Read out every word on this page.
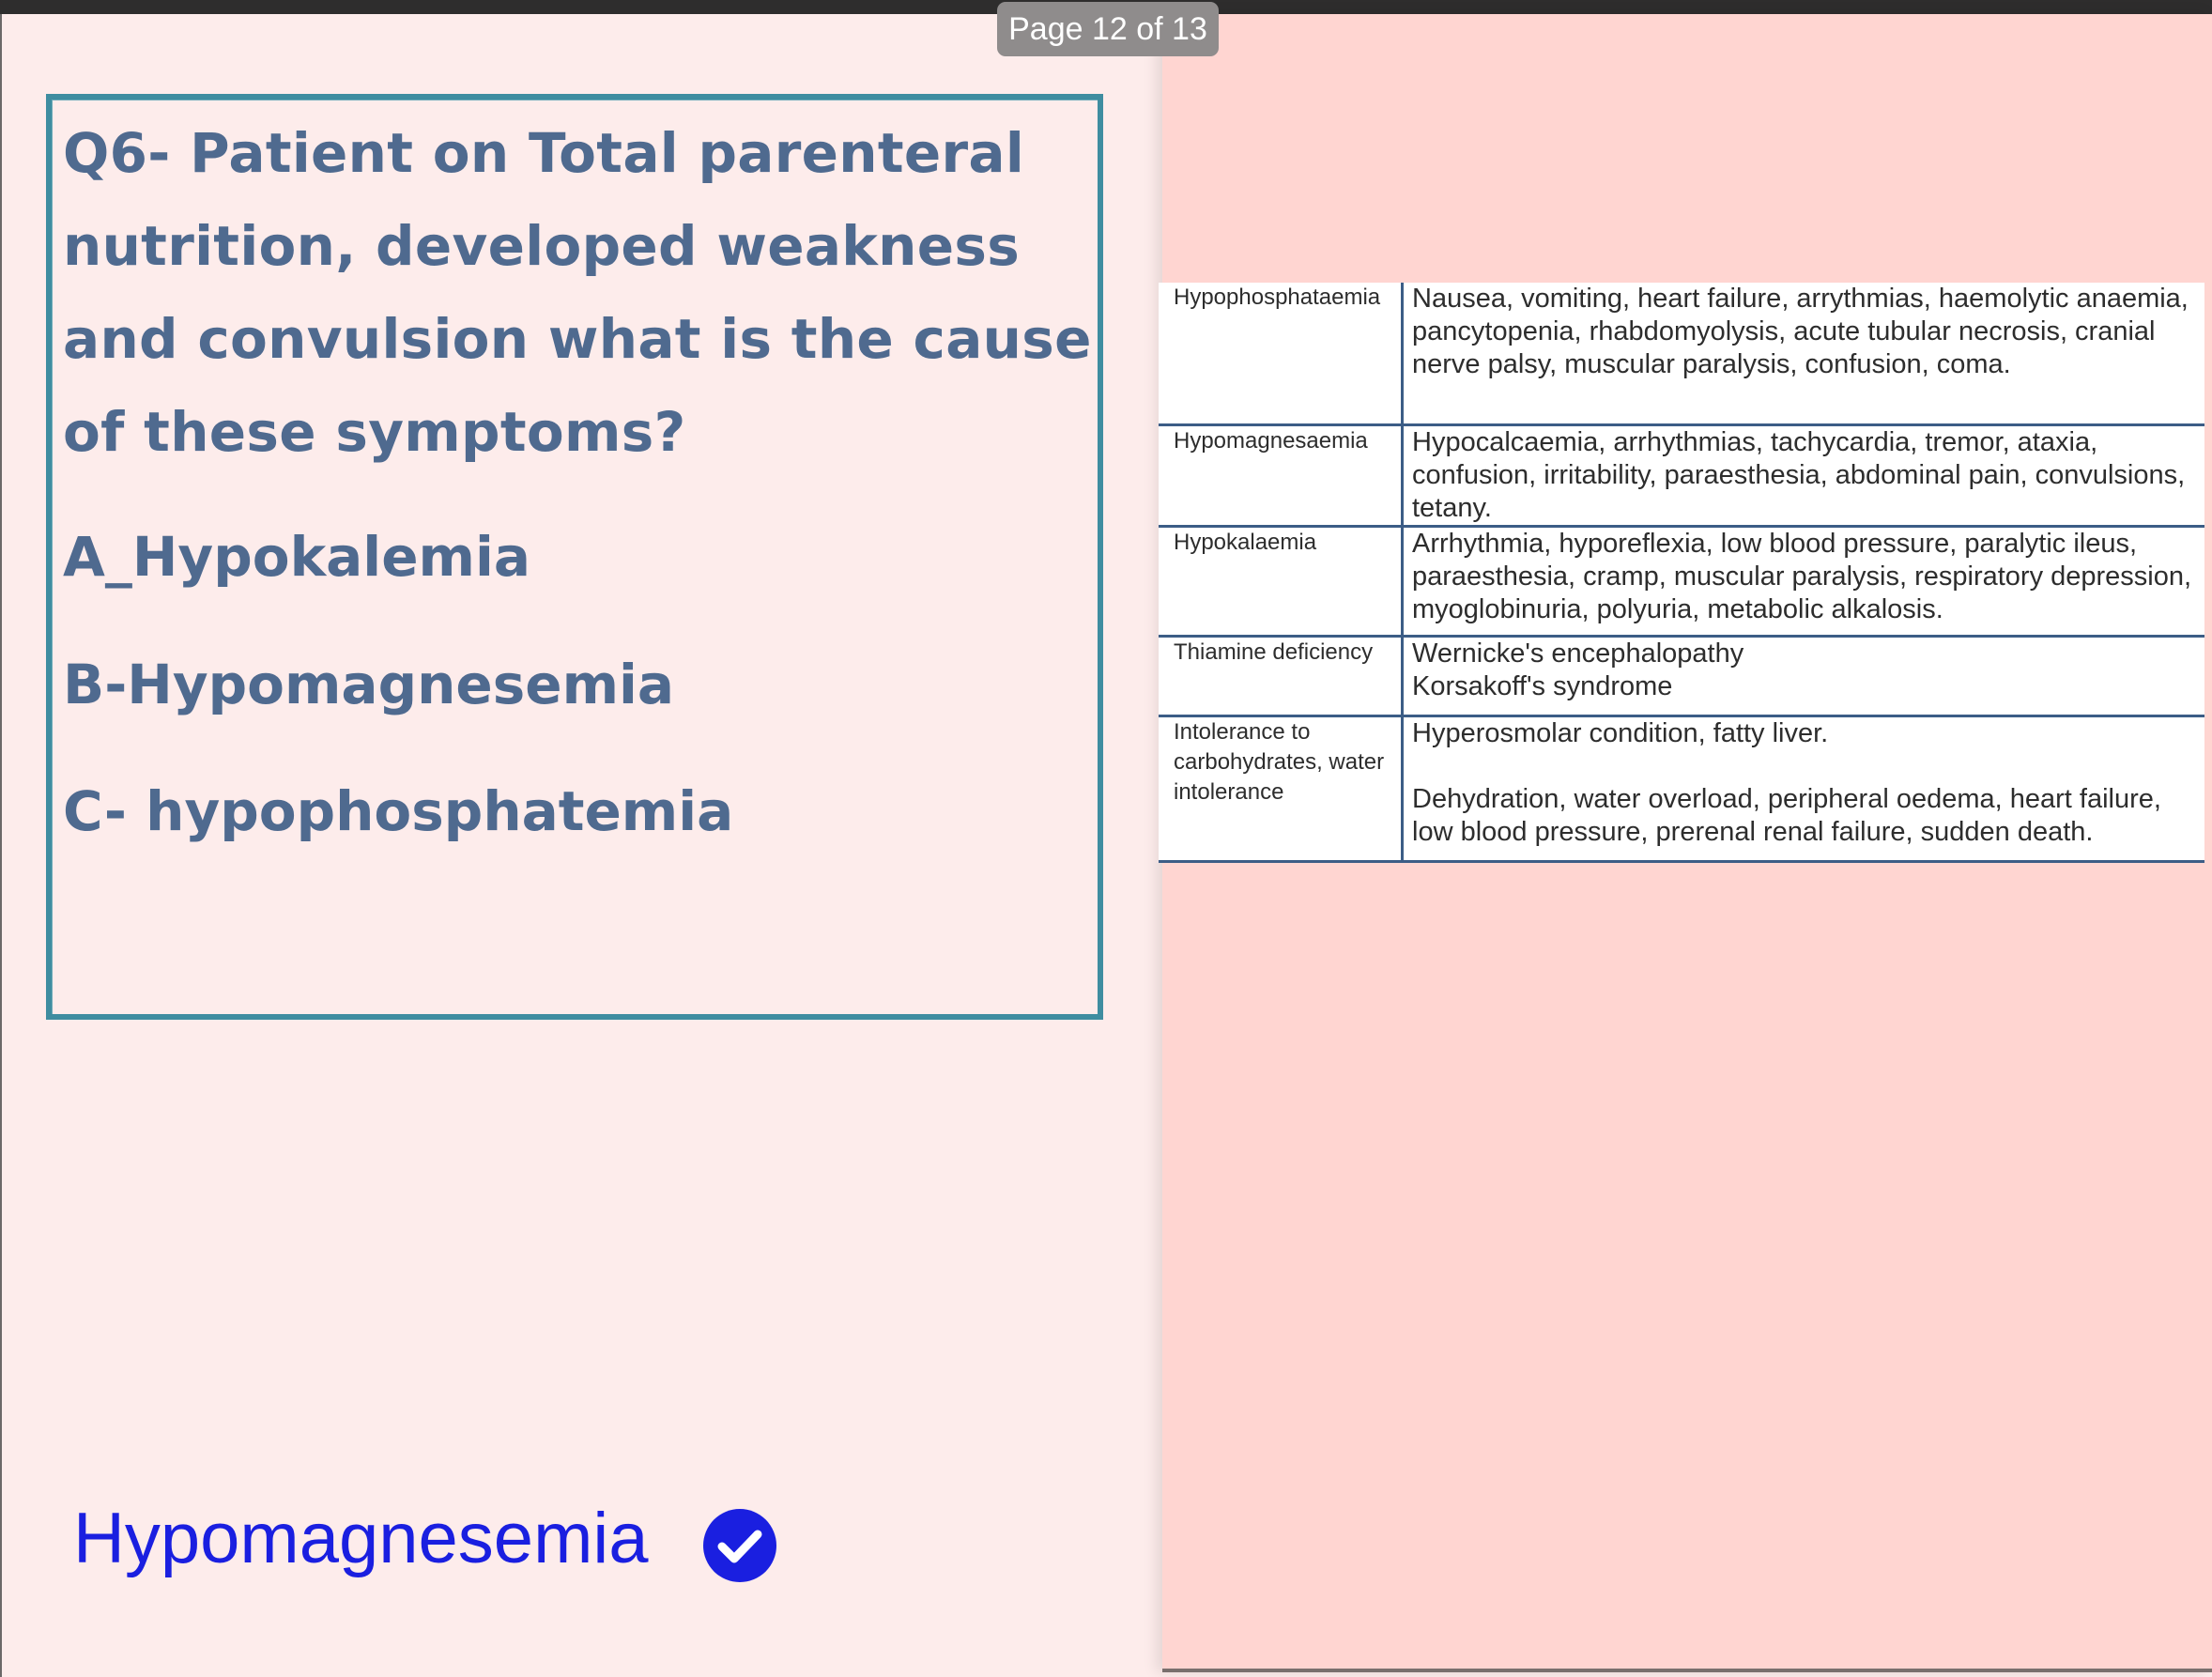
Page 12 of 13

Q6- Patient on Total parenteral nutrition, developed weakness and convulsion what is the cause of these symptoms?

A_Hypokalemia

B-Hypomagnesemia

C- hypophosphatemia

Hypomagnesemia
Hypophosphataemia	Nausea, vomiting, heart failure, arrythmias, haemolytic anaemia, pancytopenia, rhabdomyolysis, acute tubular necrosis, cranial nerve palsy, muscular paralysis, confusion, coma.
Hypomagnesaemia	Hypocalcaemia, arrhythmias, tachycardia, tremor, ataxia, confusion, irritability, paraesthesia, abdominal pain, convulsions, tetany.
Hypokalaemia	Arrhythmia, hyporeflexia, low blood pressure, paralytic ileus, paraesthesia, cramp, muscular paralysis, respiratory depression, myoglobinuria, polyuria, metabolic alkalosis.
Thiamine deficiency	Wernicke's encephalopathy
Korsakoff's syndrome

Intolerance to carbohydrates, water intolerance	Hyperosmolar condition, fatty liver.
Dehydration, water overload, peripheral oedema, heart failure, low blood pressure, prerenal renal failure, sudden death.
